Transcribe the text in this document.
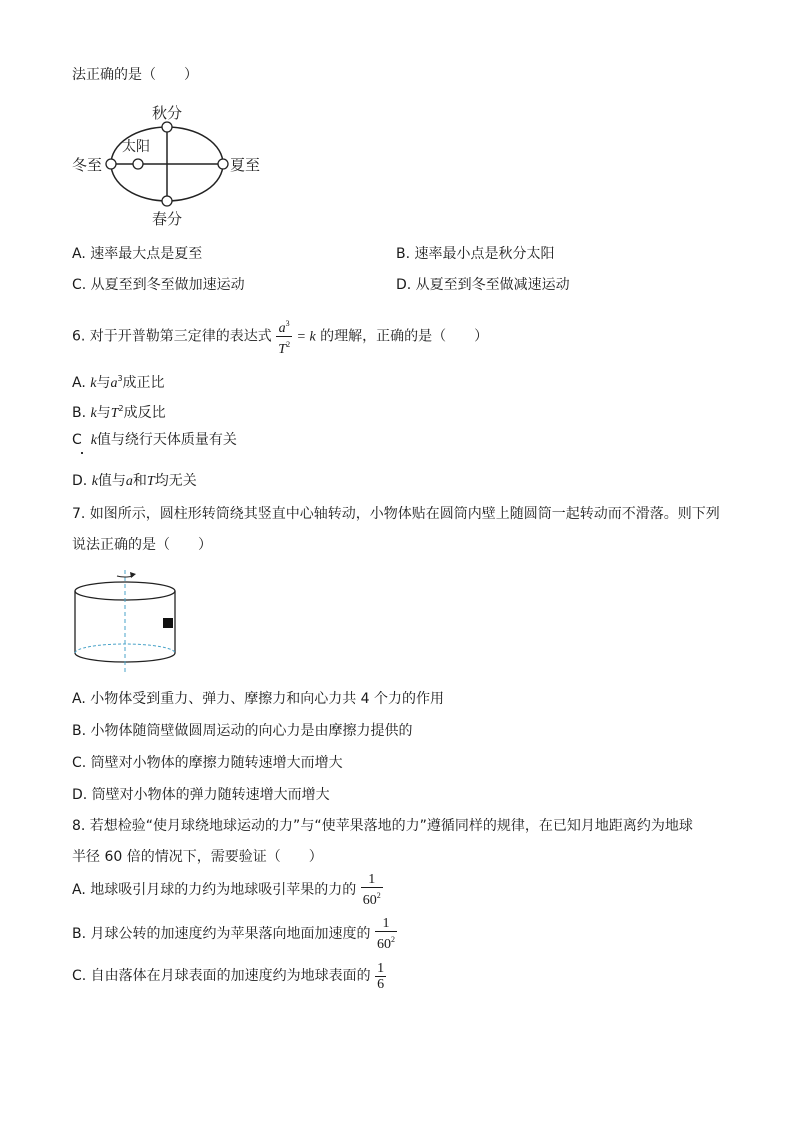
法正确的是（　　）
秋分
春分
冬至	夏至
太阳
A. 速率最大点是夏至	B. 速率最小点是秋分太阳
C. 从夏至到冬至做加速运动	D. 从夏至到冬至做减速运动
6. 对于开普勒第三定律的表达式 $\frac{a^3}{T^2} = k$ 的理解，正确的是（　　）
A. k与$a^3$成正比
B. k与$T^2$成反比
C k值与绕行天体质量有关
D. k值与a和T均无关
7. 如图所示，圆柱形转筒绕其竖直中心轴转动，小物体贴在圆筒内壁上随圆筒一起转动而不滑落。则下列
说法正确的是（　　）
A. 小物体受到重力、弹力、摩擦力和向心力共 4 个力的作用
B. 小物体随筒壁做圆周运动的向心力是由摩擦力提供的
C. 筒壁对小物体的摩擦力随转速增大而增大
D. 筒壁对小物体的弹力随转速增大而增大
8. 若想检验“使月球绕地球运动的力”与“使苹果落地的力”遵循同样的规律，在已知月地距离约为地球
半径 60 倍的情况下，需要验证（　　）
A. 地球吸引月球的力约为地球吸引苹果的力的 $\frac{1}{60^2}$
B. 月球公转的加速度约为苹果落向地面加速度的 $\frac{1}{60^2}$
C. 自由落体在月球表面的加速度约为地球表面的 $\frac{1}{6}$
